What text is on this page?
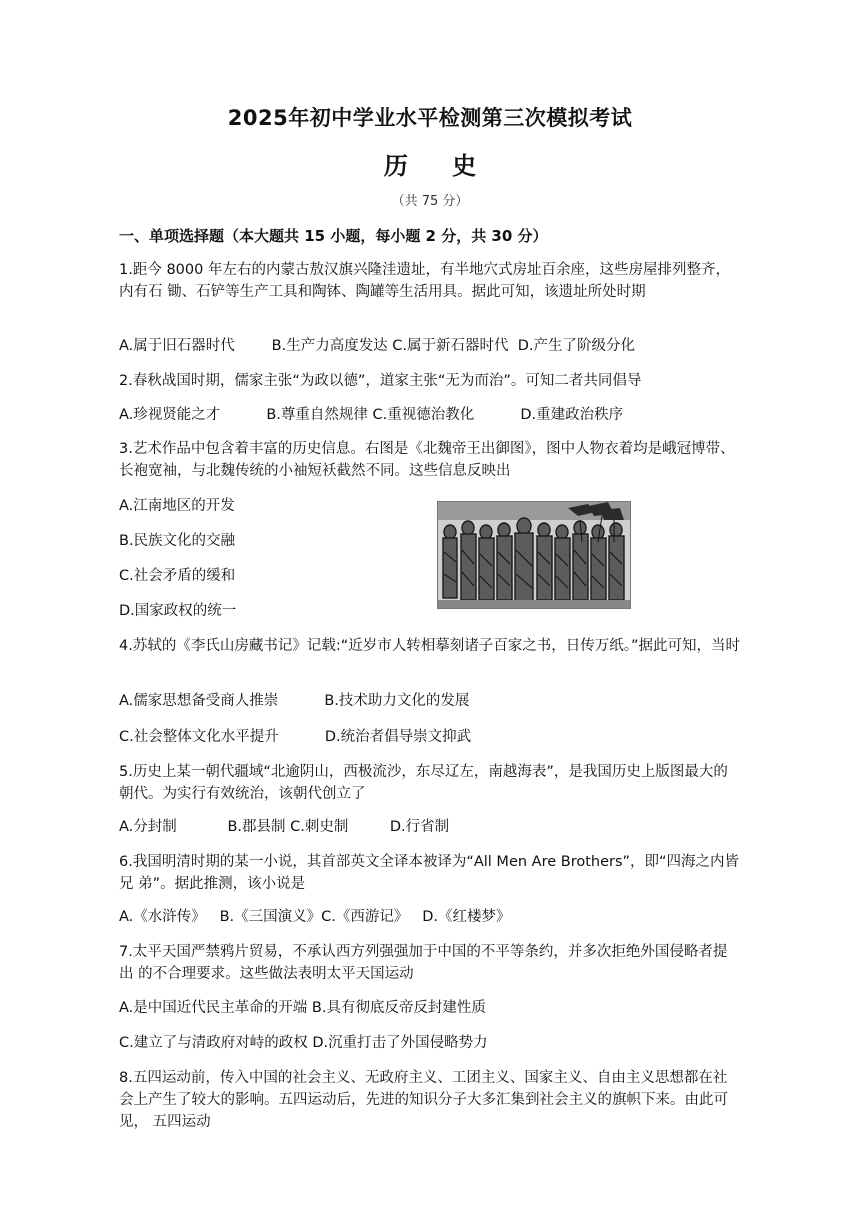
2025年初中学业水平检测第三次模拟考试
历 史
（共 75 分）
一、单项选择题（本大题共 15 小题，每小题 2 分，共 30 分）
1.距今 8000 年左右的内蒙古敖汉旗兴隆洼遗址，有半地穴式房址百余座，这些房屋排列整齐，内有石 锄、石铲等生产工具和陶钵、陶罐等生活用具。据此可知，该遗址所处时期
A.属于旧石器时代        B.生产力高度发达 C.属于新石器时代  D.产生了阶级分化
2.春秋战国时期，儒家主张“为政以德”，道家主张“无为而治”。可知二者共同倡导
A.珍视贤能之才          B.尊重自然规律 C.重视德治教化          D.重建政治秩序
3.艺术作品中包含着丰富的历史信息。右图是《北魏帝王出御图》，图中人物衣着均是峨冠博带、长袍宽袖，与北魏传统的小袖短袄截然不同。这些信息反映出
A.江南地区的开发
B.民族文化的交融
C.社会矛盾的缓和
D.国家政权的统一
4.苏轼的《李氏山房藏书记》记载:“近岁市人转相摹刻诸子百家之书，日传万纸。”据此可知，当时
A.儒家思想备受商人推崇          B.技术助力文化的发展
C.社会整体文化水平提升          D.统治者倡导崇文抑武
5.历史上某一朝代疆域“北逾阴山，西极流沙，东尽辽左，南越海表”，是我国历史上版图最大的朝代。为实行有效统治，该朝代创立了
A.分封制           B.郡县制 C.刺史制         D.行省制
6.我国明清时期的某一小说，其首部英文全译本被译为“All Men Are Brothers”，即“四海之内皆兄 弟”。据此推测，该小说是
A.《水浒传》   B.《三国演义》C.《西游记》   D.《红楼梦》
7.太平天国严禁鸦片贸易，不承认西方列强强加于中国的不平等条约，并多次拒绝外国侵略者提出 的不合理要求。这些做法表明太平天国运动
A.是中国近代民主革命的开端 B.具有彻底反帝反封建性质
C.建立了与清政府对峙的政权 D.沉重打击了外国侵略势力
8.五四运动前，传入中国的社会主义、无政府主义、工团主义、国家主义、自由主义思想都在社会上产生了较大的影响。五四运动后，先进的知识分子大多汇集到社会主义的旗帜下来。由此可见， 五四运动
